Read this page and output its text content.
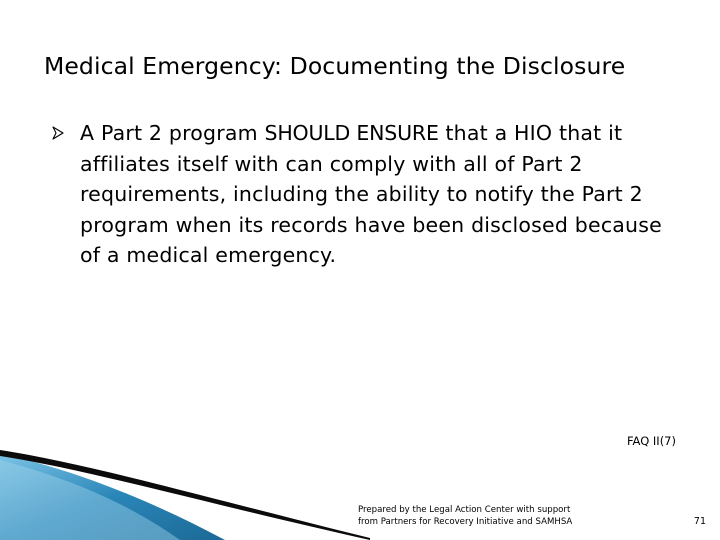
Medical Emergency: Documenting the Disclosure
A Part 2 program SHOULD ENSURE that a HIO that it affiliates itself with can comply with all of Part 2 requirements, including the ability to notify the Part 2 program when its records have been disclosed because of a medical emergency.
FAQ II(7)
Prepared by the Legal Action Center with support
from Partners for Recovery Initiative and SAMHSA	71
